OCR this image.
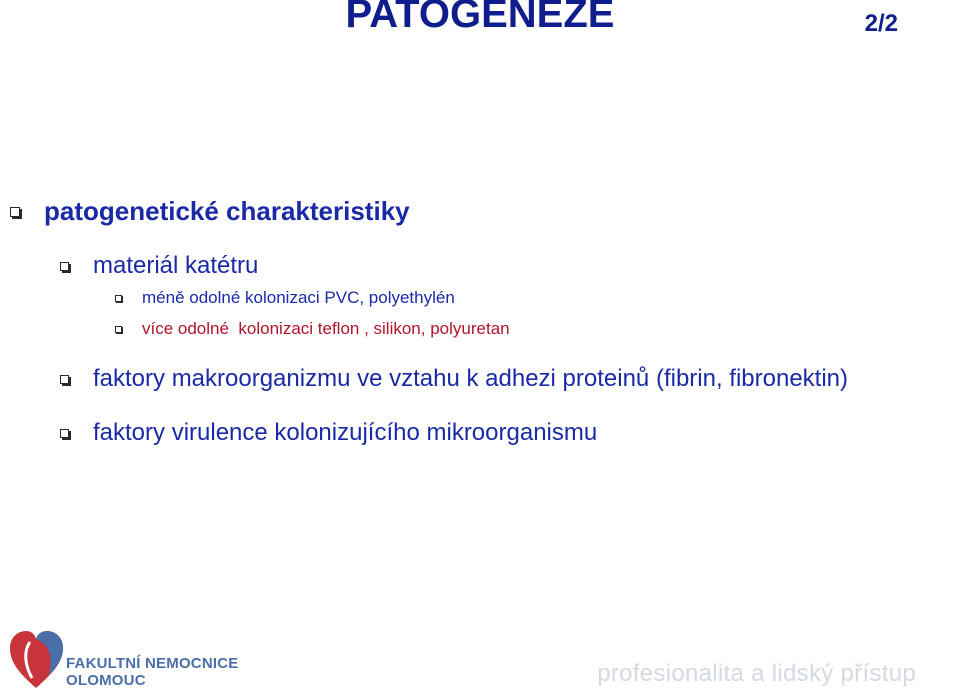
PATOGENEZE	2/2
patogenetické charakteristiky
materiál katétru
méně odolné kolonizaci PVC, polyethylén
více odolné  kolonizaci teflon , silikon, polyuretan
faktory makroorganizmu ve vztahu k adhezi proteinů (fibrin, fibronektin)
faktory virulence kolonizujícího mikroorganismu
FAKULTNÍ NEMOCNICE
OLOMOUC	profesionalita a lidský přístup
